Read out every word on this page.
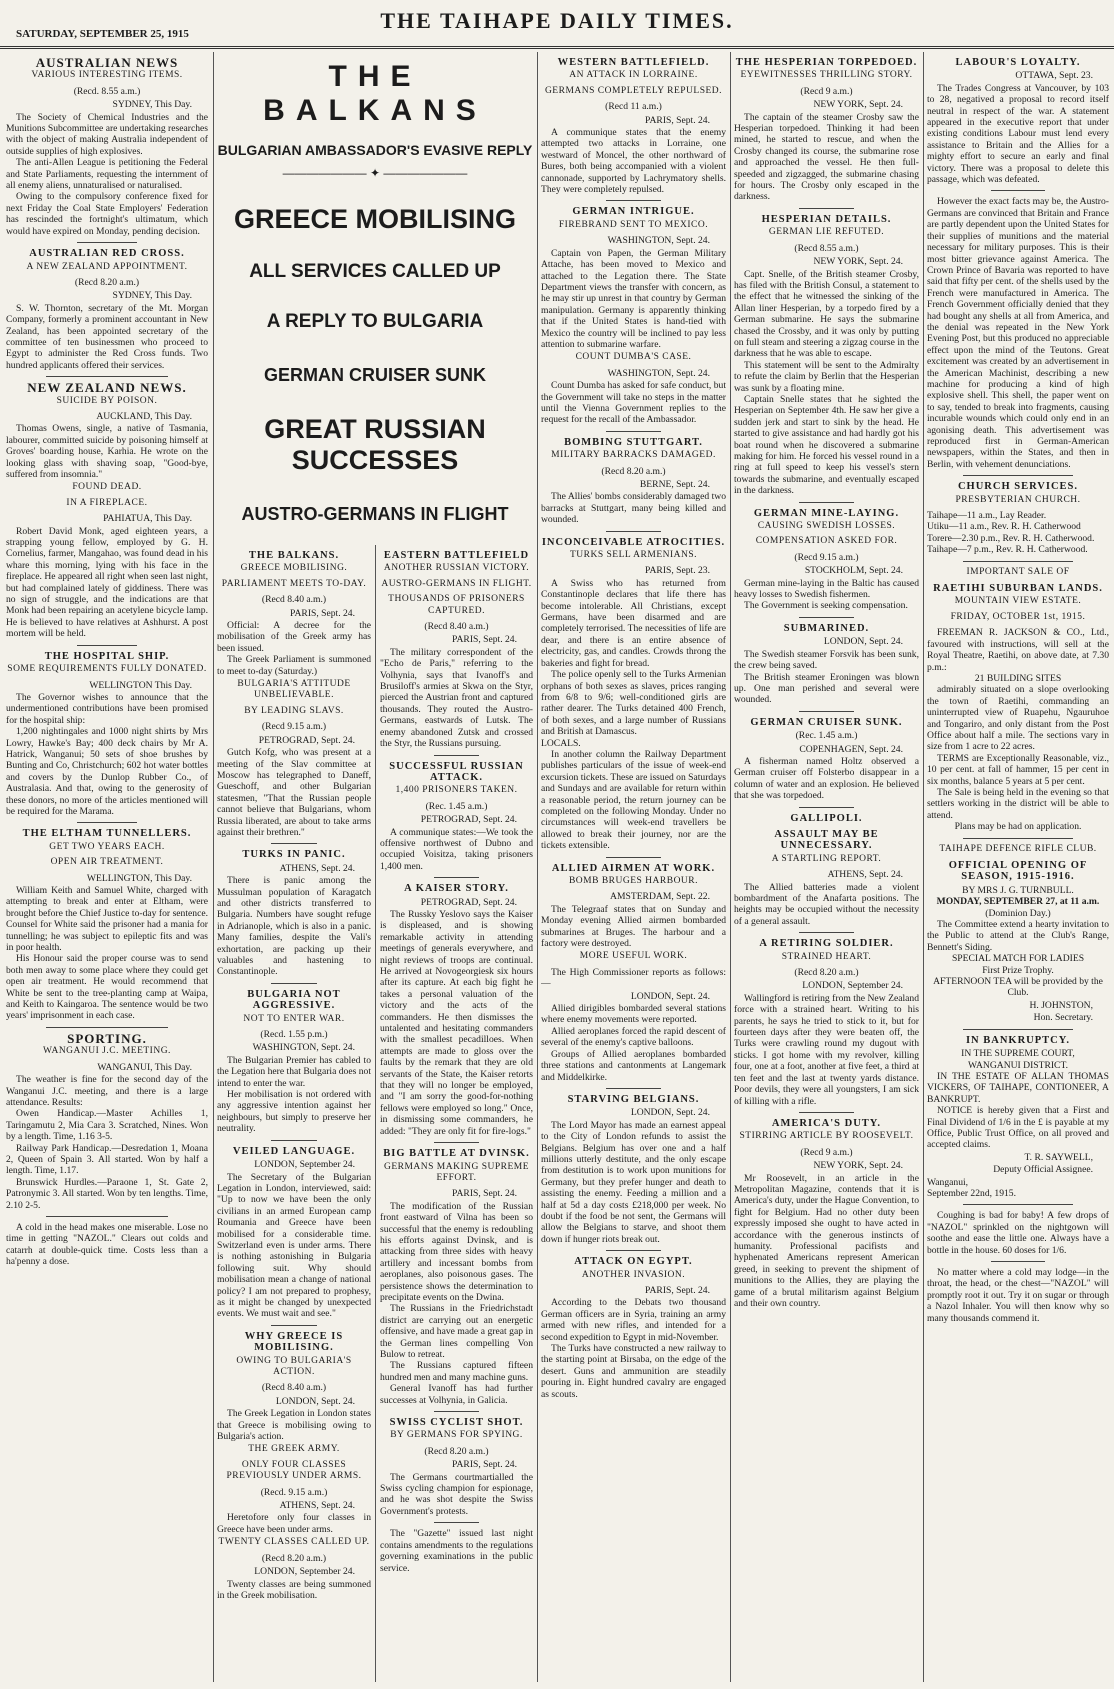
SATURDAY, SEPTEMBER 25, 1915
THE TAIHAPE DAILY TIMES.
AUSTRALIAN NEWS
VARIOUS INTERESTING ITEMS.
(Recd. 8.55 a.m.)
SYDNEY, This Day.

The Society of Chemical Industries and the Munitions Subcommittee are undertaking researches with the object of making Australia independent of outside supplies of high explosives.

The anti-Allen League is petitioning the Federal and State Parliaments, requesting the internment of all enemy aliens, unnaturalised or naturalised.

Owing to the compulsory conference fixed for next Friday the Coal State Employers' Federation has rescinded the fortnight's ultimatum, which would have expired on Monday, pending decision.

AUSTRALIAN RED CROSS.
A NEW ZEALAND APPOINTMENT.
(Recd 8.20 a.m.)
SYDNEY, This Day.

S. W. Thornton, secretary of the Mt. Morgan Company, formerly a prominent accountant in New Zealand, has been appointed secretary of the committee of ten businessmen who proceed to Egypt to administer the Red Cross funds. Two hundred applicants offered their services.

NEW ZEALAND NEWS.
SUICIDE BY POISON.
AUCKLAND, This Day.

Thomas Owens, single, a native of Tasmania, labourer, committed suicide by poisoning himself at Groves' boarding house, Karhia. He wrote on the looking glass with shaving soap, "Good-bye, suffered from insomnia."

FOUND DEAD.
IN A FIREPLACE.
PAHIATUA, This Day.

Robert David Monk, aged eighteen years, a strapping young fellow, employed by G. H. Cornelius, farmer, Mangahao, was found dead in his whare this morning, lying with his face in the fireplace. He appeared all right when seen last night, but had complained lately of giddiness. There was no sign of struggle, and the indications are that Monk had been repairing an acetylene bicycle lamp. He is believed to have relatives at Ashhurst. A post mortem will be held.

THE HOSPITAL SHIP.
SOME REQUIREMENTS FULLY DONATED.
WELLINGTON This Day.

The Governor wishes to announce that the undermentioned contributions have been promised for the hospital ship:

1,200 nightingales and 1000 night shirts by Mrs Lowry, Hawke's Bay; 400 deck chairs by Mr A. Hatrick, Wanganui; 50 sets of shoe brushes by Bunting and Co, Christchurch; 602 hot water bottles and covers by the Dunlop Rubber Co., of Australasia. And that, owing to the generosity of these donors, no more of the articles mentioned will be required for the Marama.

THE ELTHAM TUNNELLERS.
GET TWO YEARS EACH.
OPEN AIR TREATMENT.
WELLINGTON, This Day.

William Keith and Samuel White, charged with attempting to break and enter at Eltham, were brought before the Chief Justice to-day for sentence. Counsel for White said the prisoner had a mania for tunnelling; he was subject to epileptic fits and was in poor health.

His Honour said the proper course was to send both men away to some place where they could get open air treatment. He would recommend that White be sent to the tree-planting camp at Waipa, and Keith to Kaingaroa. The sentence would be two years' imprisonment in each case.

SPORTING.
WANGANUI J.C. MEETING.
WANGANUI, This Day.

The weather is fine for the second day of the Wanganui J.C. meeting, and there is a large attendance. Results:

Owen Handicap.—Master Achilles 1, Taringamutu 2, Mia Cara 3. Scratched, Nines. Won by a length. Time, 1.16 3-5.

Railway Park Handicap.—Desredation 1, Moana 2, Queen of Spain 3. All started. Won by half a length. Time, 1.17.

Brunswick Hurdles.—Paraone 1, St. Gate 2, Patronymic 3. All started. Won by ten lengths. Time, 2.10 2-5.

A cold in the head makes one miserable. Lose no time in getting "NAZOL." Clears out colds and catarrh at double-quick time. Costs less than a ha'penny a dose.

THE BALKANS
BULGARIAN AMBASSADOR'S EVASIVE REPLY
——————— ✦ ———————
GREECE MOBILISING
ALL SERVICES CALLED UP
A REPLY TO BULGARIA
GERMAN CRUISER SUNK
GREAT RUSSIAN SUCCESSES
AUSTRO-GERMANS IN FLIGHT
THE BALKANS.
GREECE MOBILISING.
PARLIAMENT MEETS TO-DAY.
(Recd 8.40 a.m.)
PARIS, Sept. 24.

Official: A decree for the mobilisation of the Greek army has been issued.

The Greek Parliament is summoned to meet to-day (Saturday.)

BULGARIA'S ATTITUDE UNBELIEVABLE.
BY LEADING SLAVS.
(Recd 9.15 a.m.)
PETROGRAD, Sept. 24.

Gutch Kofg, who was present at a meeting of the Slav committee at Moscow has telegraphed to Daneff, Gueschoff, and other Bulgarian statesmen, "That the Russian people cannot believe that Bulgarians, whom Russia liberated, are about to take arms against their brethren."

TURKS IN PANIC.
ATHENS, Sept. 24.

There is panic among the Mussulman population of Karagatch and other districts transferred to Bulgaria. Numbers have sought refuge in Adrianople, which is also in a panic. Many families, despite the Vali's exhortation, are packing up their valuables and hastening to Constantinople.

BULGARIA NOT AGGRESSIVE.
NOT TO ENTER WAR.
(Recd. 1.55 p.m.)
WASHINGTON, Sept. 24.

The Bulgarian Premier has cabled to the Legation here that Bulgaria does not intend to enter the war.

Her mobilisation is not ordered with any aggressive intention against her neighbours, but simply to preserve her neutrality.

VEILED LANGUAGE.
LONDON, September 24.

The Secretary of the Bulgarian Legation in London, interviewed, said: "Up to now we have been the only civilians in an armed European camp Roumania and Greece have been mobilised for a considerable time. Switzerland even is under arms. There is nothing astonishing in Bulgaria following suit. Why should mobilisation mean a change of national policy? I am not prepared to prophesy, as it might be changed by unexpected events. We must wait and see."

WHY GREECE IS MOBILISING.
OWING TO BULGARIA'S ACTION.
(Recd 8.40 a.m.)
LONDON, Sept. 24.

The Greek Legation in London states that Greece is mobilising owing to Bulgaria's action.

THE GREEK ARMY.
ONLY FOUR CLASSES PREVIOUSLY UNDER ARMS.
(Recd. 9.15 a.m.)
ATHENS, Sept. 24.

Heretofore only four classes in Greece have been under arms.

TWENTY CLASSES CALLED UP.
(Recd 8.20 a.m.)
LONDON, September 24.

Twenty classes are being summoned in the Greek mobilisation.

EASTERN BATTLEFIELD
ANOTHER RUSSIAN VICTORY.
AUSTRO-GERMANS IN FLIGHT.
THOUSANDS OF PRISONERS CAPTURED.
(Recd 8.40 a.m.)
PARIS, Sept. 24.

The military correspondent of the "Echo de Paris," referring to the Volhynia, says that Ivanoff's and Brusiloff's armies at Skwa on the Styr, pierced the Austrian front and captured thousands. They routed the Austro-Germans, eastwards of Lutsk. The enemy abandoned Zutsk and crossed the Styr, the Russians pursuing.

SUCCESSFUL RUSSIAN ATTACK.
1,400 PRISONERS TAKEN.
(Rec. 1.45 a.m.)
PETROGRAD, Sept. 24.

A communique states:—We took the offensive northwest of Dubno and occupied Voisitza, taking prisoners 1,400 men.

A KAISER STORY.
PETROGRAD, Sept. 24.

The Russky Yeslovo says the Kaiser is displeased, and is showing remarkable activity in attending meetings of generals everywhere, and night reviews of troops are continual. He arrived at Novogeorgiesk six hours after its capture. At each big fight he takes a personal valuation of the victory and the acts of the commanders. He then dismisses the untalented and hesitating commanders with the smallest pecadilloes. When attempts are made to gloss over the faults by the remark that they are old servants of the State, the Kaiser retorts that they will no longer be employed, and "I am sorry the good-for-nothing fellows were employed so long." Once, in dismissing some commanders, he added: "They are only fit for fire-logs."

BIG BATTLE AT DVINSK.
GERMANS MAKING SUPREME EFFORT.
PARIS, Sept. 24.

The modification of the Russian front eastward of Vilna has been so successful that the enemy is redoubling his efforts against Dvinsk, and is attacking from three sides with heavy artillery and incessant bombs from aeroplanes, also poisonous gases. The persistence shows the determination to precipitate events on the Dwina.

The Russians in the Friedrichstadt district are carrying out an energetic offensive, and have made a great gap in the German lines compelling Von Bulow to retreat.

The Russians captured fifteen hundred men and many machine guns.

General Ivanoff has had further successes at Volhynia, in Galicia.

SWISS CYCLIST SHOT.
BY GERMANS FOR SPYING.
(Recd 8.20 a.m.)
PARIS, Sept. 24.

The Germans courtmartialled the Swiss cycling champion for espionage, and he was shot despite the Swiss Government's protests.

The "Gazette" issued last night contains amendments to the regulations governing examinations in the public service.

WESTERN BATTLEFIELD.
AN ATTACK IN LORRAINE.
GERMANS COMPLETELY REPULSED.
(Recd 11 a.m.)
PARIS, Sept. 24.

A communique states that the enemy attempted two attacks in Lorraine, one westward of Moncel, the other northward of Bures, both being accompanied with a violent cannonade, supported by Lachrymatory shells. They were completely repulsed.

GERMAN INTRIGUE.
FIREBRAND SENT TO MEXICO.
WASHINGTON, Sept. 24.

Captain von Papen, the German Military Attache, has been moved to Mexico and attached to the Legation there. The State Department views the transfer with concern, as he may stir up unrest in that country by German manipulation. Germany is apparently thinking that if the United States is hand-tied with Mexico the country will be inclined to pay less attention to submarine warfare.

COUNT DUMBA'S CASE.
WASHINGTON, Sept. 24.

Count Dumba has asked for safe conduct, but the Government will take no steps in the matter until the Vienna Government replies to the request for the recall of the Ambassador.

BOMBING STUTTGART.
MILITARY BARRACKS DAMAGED.
(Recd 8.20 a.m.)
BERNE, Sept. 24.

The Allies' bombs considerably damaged two barracks at Stuttgart, many being killed and wounded.

INCONCEIVABLE ATROCITIES.
TURKS SELL ARMENIANS.
PARIS, Sept. 23.

A Swiss who has returned from Constantinople declares that life there has become intolerable. All Christians, except Germans, have been disarmed and are completely terrorised. The necessities of life are dear, and there is an entire absence of electricity, gas, and candles. Crowds throng the bakeries and fight for bread.

The police openly sell to the Turks Armenian orphans of both sexes as slaves, prices ranging from 6/8 to 9/6; well-conditioned girls are rather dearer. The Turks detained 400 French, of both sexes, and a large number of Russians and British at Damascus.

LOCALS.

In another column the Railway Department publishes particulars of the issue of week-end excursion tickets. These are issued on Saturdays and Sundays and are available for return within a reasonable period, the return journey can be completed on the following Monday. Under no circumstances will week-end travellers be allowed to break their journey, nor are the tickets extensible.

ALLIED AIRMEN AT WORK.
BOMB BRUGES HARBOUR.
AMSTERDAM, Sept. 22.

The Telegraaf states that on Sunday and Monday evening Allied airmen bombarded submarines at Bruges. The harbour and a factory were destroyed.

MORE USEFUL WORK.

The High Commissioner reports as follows:—

LONDON, Sept. 24.

Allied dirigibles bombarded several stations where enemy movements were reported.

Allied aeroplanes forced the rapid descent of several of the enemy's captive balloons.

Groups of Allied aeroplanes bombarded three stations and cantonments at Langemark and Middelkirke.

STARVING BELGIANS.
LONDON, Sept. 24.

The Lord Mayor has made an earnest appeal to the City of London refunds to assist the Belgians. Belgium has over one and a half millions utterly destitute, and the only escape from destitution is to work upon munitions for Germany, but they prefer hunger and death to assisting the enemy. Feeding a million and a half at 5d a day costs £218,000 per week. No doubt if the food be not sent, the Germans will allow the Belgians to starve, and shoot them down if hunger riots break out.

ATTACK ON EGYPT.
ANOTHER INVASION.
PARIS, Sept. 24.

According to the Debats two thousand German officers are in Syria, training an army armed with new rifles, and intended for a second expedition to Egypt in mid-November.

The Turks have constructed a new railway to the starting point at Birsaba, on the edge of the desert. Guns and ammunition are steadily pouring in. Eight hundred cavalry are engaged as scouts.

THE HESPERIAN TORPEDOED.
EYEWITNESSES THRILLING STORY.
(Recd 9 a.m.)
NEW YORK, Sept. 24.

The captain of the steamer Crosby saw the Hesperian torpedoed. Thinking it had been mined, he started to rescue, and when the Crosby changed its course, the submarine rose and approached the vessel. He then full-speeded and zigzagged, the submarine chasing for hours. The Crosby only escaped in the darkness.

HESPERIAN DETAILS.
GERMAN LIE REFUTED.
(Recd 8.55 a.m.)
NEW YORK, Sept. 24.

Capt. Snelle, of the British steamer Crosby, has filed with the British Consul, a statement to the effect that he witnessed the sinking of the Allan liner Hesperian, by a torpedo fired by a German submarine. He says the submarine chased the Crossby, and it was only by putting on full steam and steering a zigzag course in the darkness that he was able to escape.

This statement will be sent to the Admiralty to refute the claim by Berlin that the Hesperian was sunk by a floating mine.

Captain Snelle states that he sighted the Hesperian on September 4th. He saw her give a sudden jerk and start to sink by the head. He started to give assistance and had hardly got his boat round when he discovered a submarine making for him. He forced his vessel round in a ring at full speed to keep his vessel's stern towards the submarine, and eventually escaped in the darkness.

GERMAN MINE-LAYING.
CAUSING SWEDISH LOSSES.
COMPENSATION ASKED FOR.
(Recd 9.15 a.m.)
STOCKHOLM, Sept. 24.

German mine-laying in the Baltic has caused heavy losses to Swedish fishermen.

The Government is seeking compensation.

SUBMARINED.
LONDON, Sept. 24.

The Swedish steamer Forsvik has been sunk, the crew being saved.

The British steamer Eroningen was blown up. One man perished and several were wounded.

GERMAN CRUISER SUNK.
(Rec. 1.45 a.m.)
COPENHAGEN, Sept. 24.

A fisherman named Holtz observed a German cruiser off Folsterbo disappear in a column of water and an explosion. He believed that she was torpedoed.

GALLIPOLI.
ASSAULT MAY BE UNNECESSARY.
A STARTLING REPORT.
ATHENS, Sept. 24.

The Allied batteries made a violent bombardment of the Anafarta positions. The heights may be occupied without the necessity of a general assault.

A RETIRING SOLDIER.
STRAINED HEART.
(Recd 8.20 a.m.)
LONDON, September 24.

Wallingford is retiring from the New Zealand force with a strained heart. Writing to his parents, he says he tried to stick to it, but for fourteen days after they were beaten off, the Turks were crawling round my dugout with sticks. I got home with my revolver, killing four, one at a foot, another at five feet, a third at ten feet and the last at twenty yards distance. Poor devils, they were all youngsters, I am sick of killing with a rifle.

AMERICA'S DUTY.
STIRRING ARTICLE BY ROOSEVELT.
(Recd 9 a.m.)
NEW YORK, Sept. 24.

Mr Roosevelt, in an article in the Metropolitan Magazine, contends that it is America's duty, under the Hague Convention, to fight for Belgium. Had no other duty been expressly imposed she ought to have acted in accordance with the generous instincts of humanity. Professional pacifists and hyphenated Americans represent American greed, in seeking to prevent the shipment of munitions to the Allies, they are playing the game of a brutal militarism against Belgium and their own country.

LABOUR'S LOYALTY.
OTTAWA, Sept. 23.

The Trades Congress at Vancouver, by 103 to 28, negatived a proposal to record itself neutral in respect of the war. A statement appeared in the executive report that under existing conditions Labour must lend every assistance to Britain and the Allies for a mighty effort to secure an early and final victory. There was a proposal to delete this passage, which was defeated.

However the exact facts may be, the Austro-Germans are convinced that Britain and France are partly dependent upon the United States for their supplies of munitions and the material necessary for military purposes. This is their most bitter grievance against America. The Crown Prince of Bavaria was reported to have said that fifty per cent. of the shells used by the French were manufactured in America. The French Government officially denied that they had bought any shells at all from America, and the denial was repeated in the New York Evening Post, but this produced no appreciable effect upon the mind of the Teutons. Great excitement was created by an advertisement in the American Machinist, describing a new machine for producing a kind of high explosive shell. This shell, the paper went on to say, tended to break into fragments, causing incurable wounds which could only end in an agonising death. This advertisement was reproduced first in German-American newspapers, within the States, and then in Berlin, with vehement denunciations.

CHURCH SERVICES.
PRESBYTERIAN CHURCH.
Taihape—11 a.m., Lay Reader.
Utiku—11 a.m., Rev. R. H. Catherwood
Torere—2.30 p.m., Rev. R. H. Catherwood.
Taihape—7 p.m., Rev. R. H. Catherwood.
IMPORTANT SALE OF
RAETIHI SUBURBAN LANDS.
MOUNTAIN VIEW ESTATE.
FRIDAY, OCTOBER 1st, 1915.

FREEMAN R. JACKSON & CO., Ltd., favoured with instructions, will sell at the Royal Theatre, Raetihi, on above date, at 7.30 p.m.:

21 BUILDING SITES

admirably situated on a slope overlooking the town of Raetihi, commanding an uninterrupted view of Ruapehu, Ngauruhoe and Tongariro, and only distant from the Post Office about half a mile. The sections vary in size from 1 acre to 22 acres.

TERMS are Exceptionally Reasonable, viz., 10 per cent. at fall of hammer, 15 per cent in six months, balance 5 years at 5 per cent.

The Sale is being held in the evening so that settlers working in the district will be able to attend.

Plans may be had on application.
TAIHAPE DEFENCE RIFLE CLUB.
OFFICIAL OPENING OF SEASON, 1915-1916.
BY MRS J. G. TURNBULL.
MONDAY, SEPTEMBER 27, at 11 a.m.
(Dominion Day.)

The Committee extend a hearty invitation to the Public to attend at the Club's Range, Bennett's Siding.

SPECIAL MATCH FOR LADIES
First Prize Trophy.
AFTERNOON TEA will be provided by the Club.
H. JOHNSTON,
Hon. Secretary.
IN BANKRUPTCY.
IN THE SUPREME COURT,
WANGANUI DISTRICT.

IN THE ESTATE OF ALLAN THOMAS VICKERS, OF TAIHAPE, CONTIONEER, A BANKRUPT.

NOTICE is hereby given that a First and Final Dividend of 1/6 in the £ is payable at my Office, Public Trust Office, on all proved and accepted claims.

T. R. SAYWELL,
Deputy Official Assignee.
Wanganui,
September 22nd, 1915.

Coughing is bad for baby! A few drops of "NAZOL" sprinkled on the nightgown will soothe and ease the little one. Always have a bottle in the house. 60 doses for 1/6.

No matter where a cold may lodge—in the throat, the head, or the chest—"NAZOL" will promptly root it out. Try it on sugar or through a Nazol Inhaler. You will then know why so many thousands commend it.
